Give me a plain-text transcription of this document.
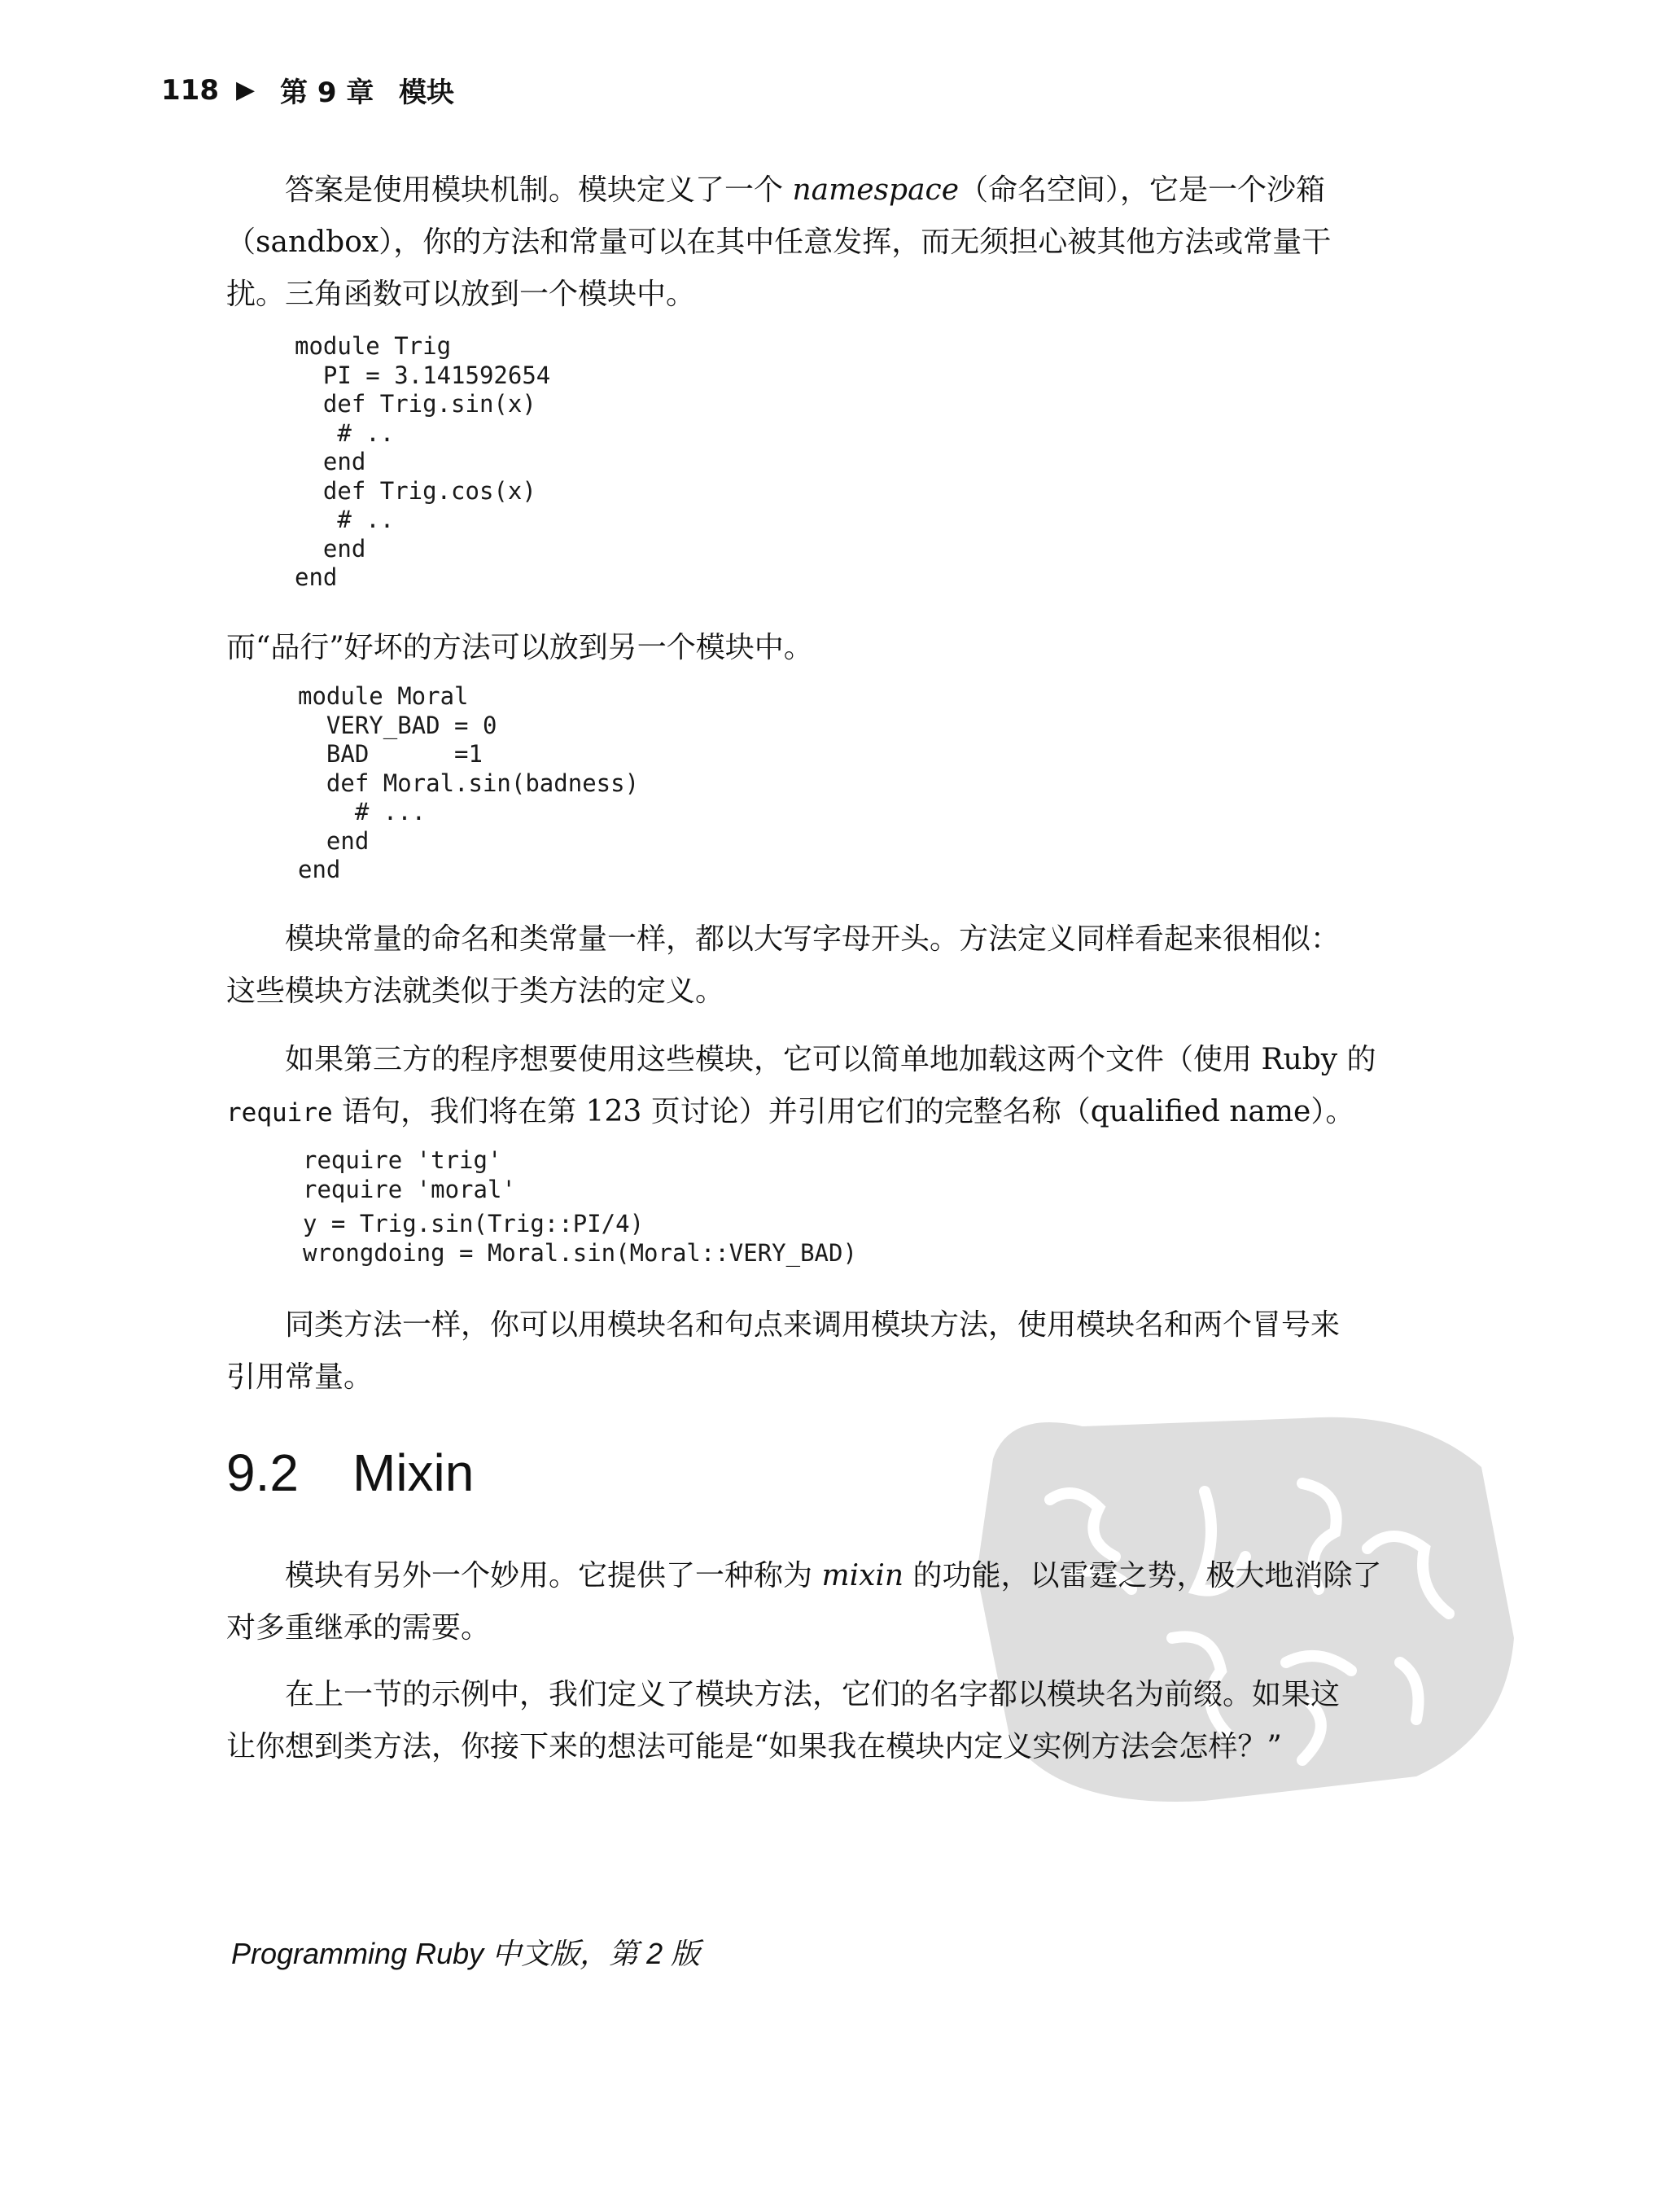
118 ▶ 第 9 章 模块
答案是使用模块机制。模块定义了一个 namespace（命名空间），它是一个沙箱
（sandbox），你的方法和常量可以在其中任意发挥，而无须担心被其他方法或常量干
扰。三角函数可以放到一个模块中。
module Trig
PI = 3.141592654
def Trig.sin(x)
# ..
end
def Trig.cos(x)
# ..
end
end
而“品行”好坏的方法可以放到另一个模块中。
module Moral
VERY_BAD = 0
BAD      =1
def Moral.sin(badness)
# ...
end
end
模块常量的命名和类常量一样，都以大写字母开头。方法定义同样看起来很相似：
这些模块方法就类似于类方法的定义。
如果第三方的程序想要使用这些模块，它可以简单地加载这两个文件（使用 Ruby 的
require 语句，我们将在第 123 页讨论）并引用它们的完整名称（qualified name）。
require 'trig'
require 'moral'
y = Trig.sin(Trig::PI/4)
wrongdoing = Moral.sin(Moral::VERY_BAD)
同类方法一样，你可以用模块名和句点来调用模块方法，使用模块名和两个冒号来
引用常量。
9.2	Mixin
模块有另外一个妙用。它提供了一种称为 mixin 的功能，以雷霆之势，极大地消除了
对多重继承的需要。
在上一节的示例中，我们定义了模块方法，它们的名字都以模块名为前缀。如果这
让你想到类方法，你接下来的想法可能是“如果我在模块内定义实例方法会怎样？”
Programming Ruby 中文版，第 2 版
